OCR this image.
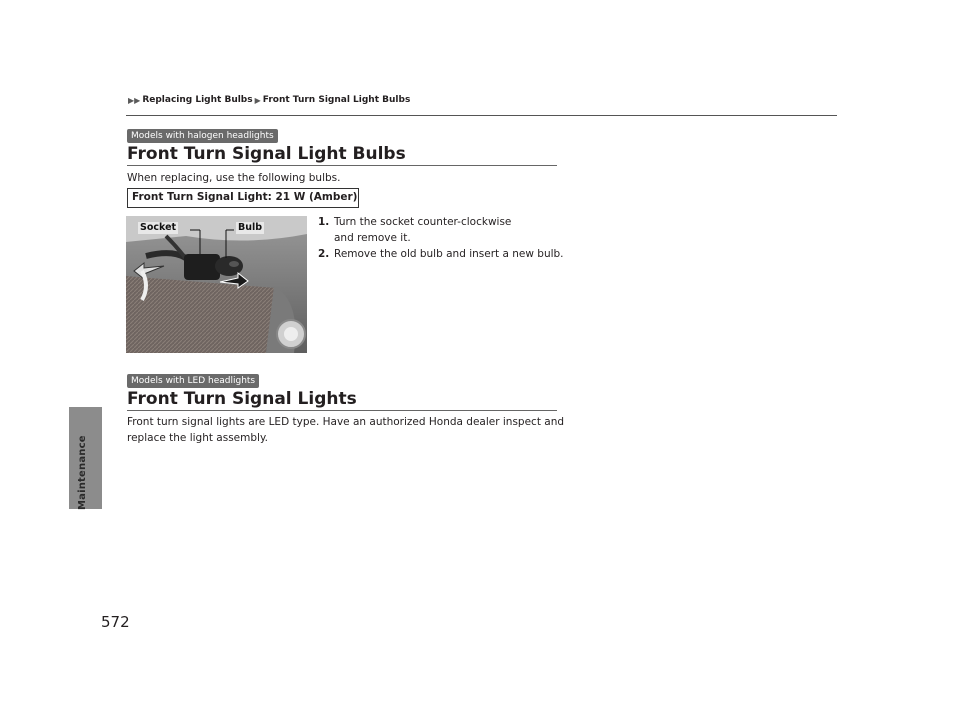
▶▶ Replacing Light Bulbs ▶ Front Turn Signal Light Bulbs
Maintenance
Models with halogen headlights
Front Turn Signal Light Bulbs
When replacing, use the following bulbs.
Front Turn Signal Light: 21 W (Amber)
Socket	Bulb	1. Turn the socket counter-clockwise and remove it.
2. Remove the old bulb and insert a new bulb.
Models with LED headlights
Front Turn Signal Lights
Front turn signal lights are LED type. Have an authorized Honda dealer inspect and replace the light assembly.
572
